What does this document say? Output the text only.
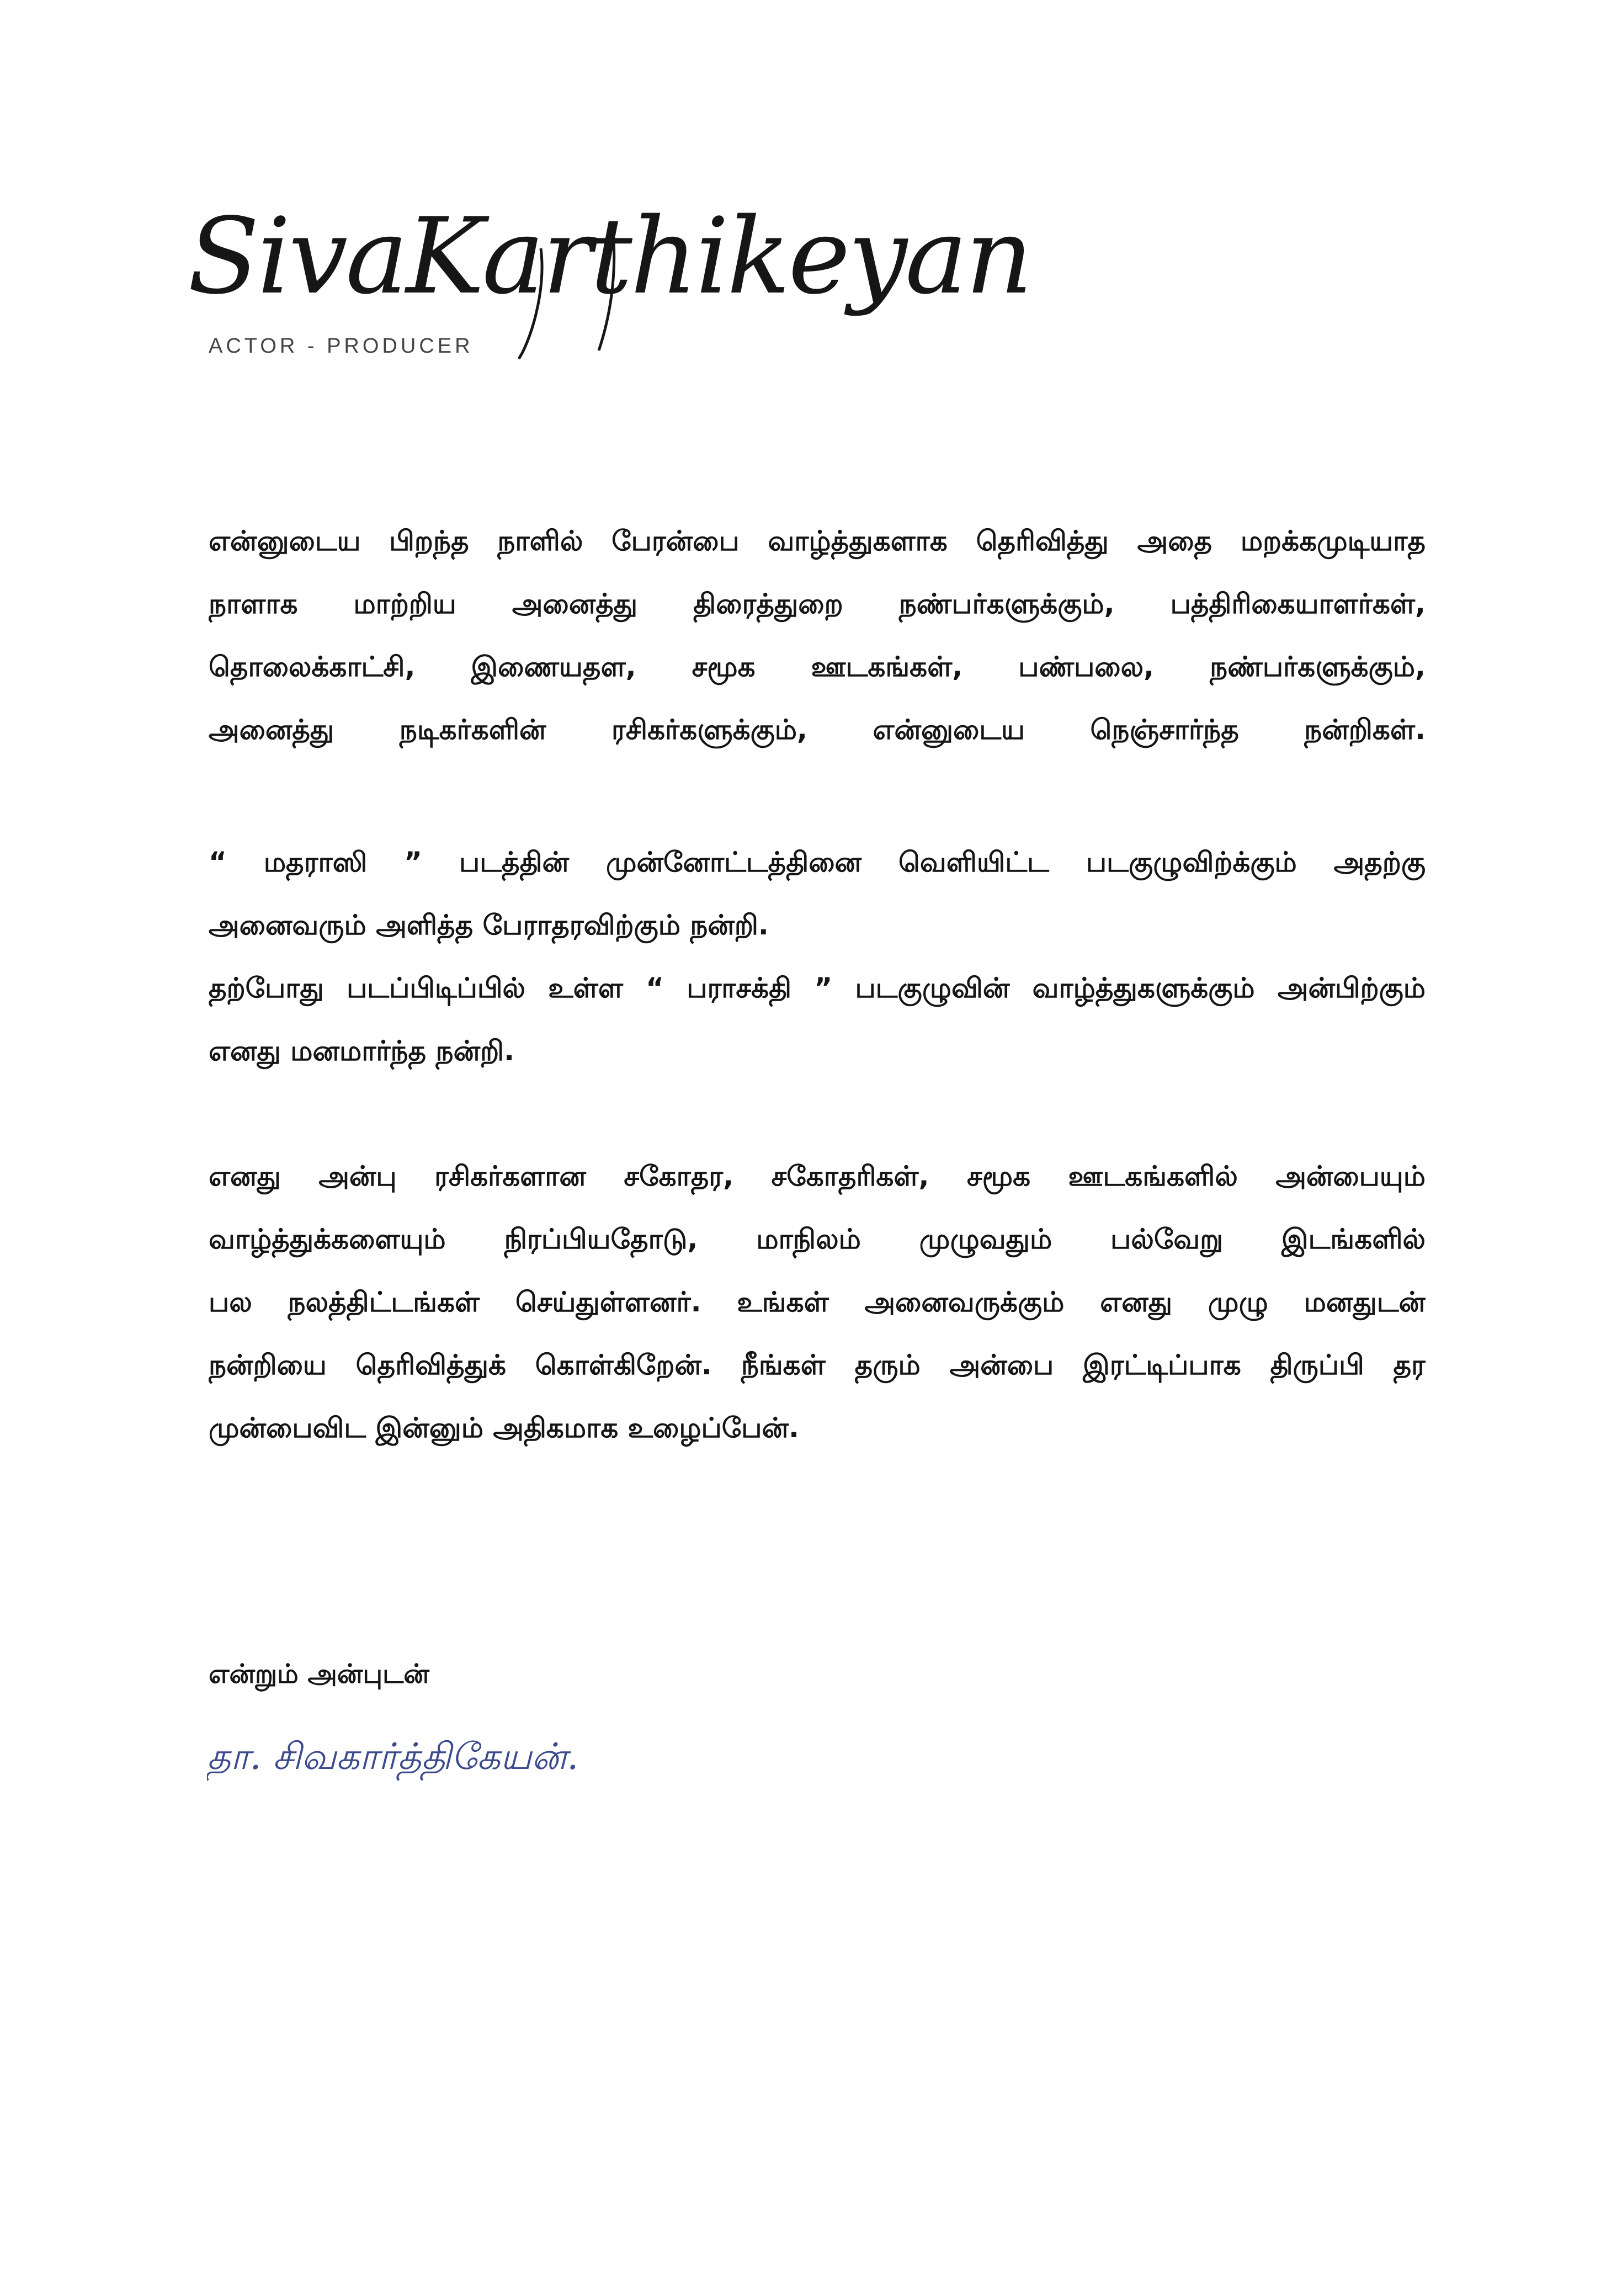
SivaKarthikeyan
ACTOR - PRODUCER

என்னுடைய பிறந்த நாளில் பேரன்பை வாழ்த்துகளாக தெரிவித்து அதை மறக்கமுடியாத
நாளாக மாற்றிய அனைத்து திரைத்துறை நண்பர்களுக்கும், பத்திரிகையாளர்கள்,
தொலைக்காட்சி, இணையதள, சமூக ஊடகங்கள், பண்பலை, நண்பர்களுக்கும்,
அனைத்து நடிகர்களின் ரசிகர்களுக்கும், என்னுடைய நெஞ்சார்ந்த நன்றிகள்.

“ மதராஸி ” படத்தின் முன்னோட்டத்தினை வெளியிட்ட படகுழுவிற்க்கும் அதற்கு
அனைவரும் அளித்த பேராதரவிற்கும் நன்றி.
தற்போது படப்பிடிப்பில் உள்ள “ பராசக்தி ” படகுழுவின் வாழ்த்துகளுக்கும் அன்பிற்கும்
எனது மனமார்ந்த நன்றி.

எனது அன்பு ரசிகர்களான சகோதர, சகோதரிகள், சமூக ஊடகங்களில் அன்பையும்
வாழ்த்துக்களையும் நிரப்பியதோடு, மாநிலம் முழுவதும் பல்வேறு இடங்களில்
பல நலத்திட்டங்கள் செய்துள்ளனர். உங்கள் அனைவருக்கும் எனது முழு மனதுடன்
நன்றியை தெரிவித்துக் கொள்கிறேன். நீங்கள் தரும் அன்பை இரட்டிப்பாக திருப்பி தர
முன்பைவிட இன்னும் அதிகமாக உழைப்பேன்.

என்றும் அன்புடன்
தா. சிவகார்த்திகேயன்.
